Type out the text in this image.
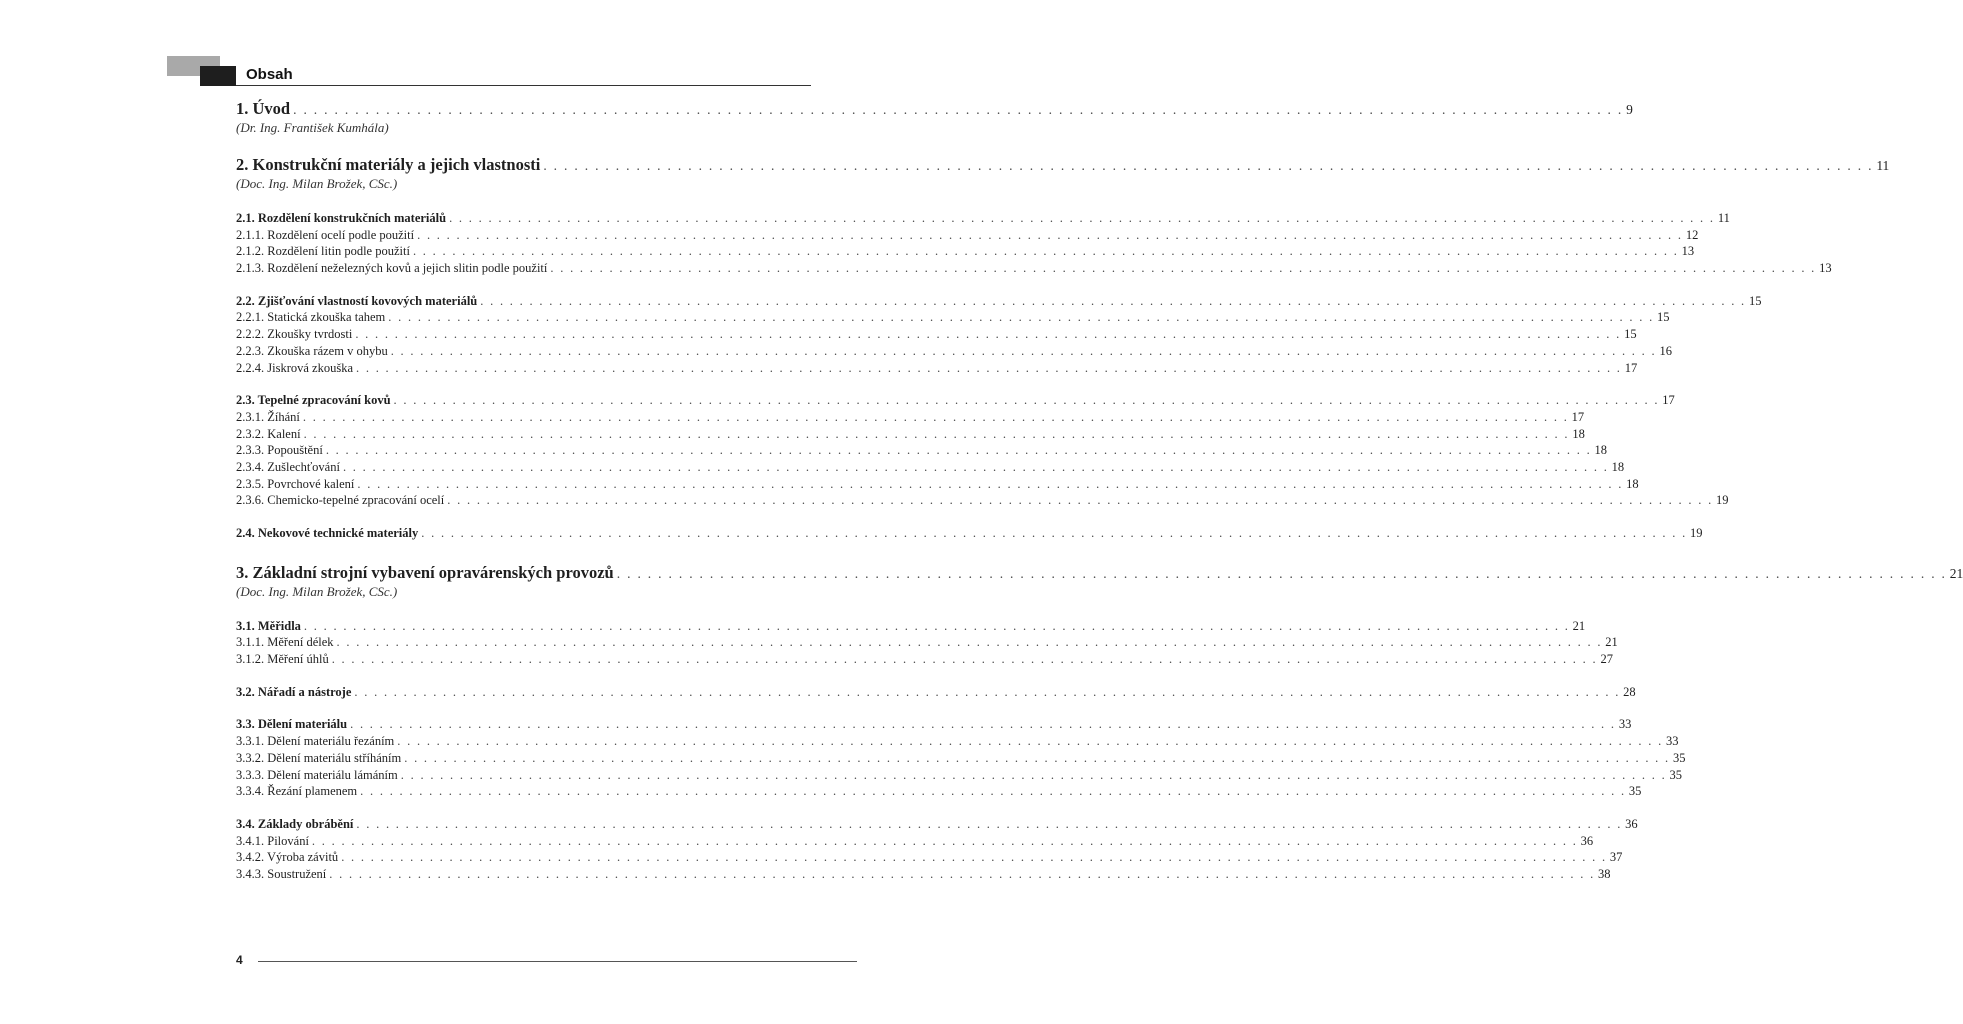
Obsah
1. Úvod . . . . . . . . . . . . . . . . . . . . . . . . . . . . . . . . . . . . . . . . . . . . . . . . . . . . . . . . . . . . . . . . . . . . . . . . . . . . . . . . . . . . . . . . . . . . . . . . . . . . . . . . . . . . . . . . . . . . . . . . . . . . . . . . . 9
(Dr. Ing. František Kumhála)
2. Konstrukční materiály a jejich vlastnosti . . . . . . . . . . . . . . . . . . . . . . . . . . . . . . . . . . . . . . . . . . . . . . . . . . . . . . . . . . . . . . . . . . . . . . . . . . . . . . . . . . . . . . . . . . . . . . . . . . . . . . . . . . . . . . . . . . . . . . . . . . . . . . . . . 11
(Doc. Ing. Milan Brožek, CSc.)
2.1. Rozdělení konstrukčních materiálů . . . . . . . . . . . . . . . . . . . . . . . . . . . . . . . . . . . . . . . . . . . . . . . . . . . . . . . . . . . . . . . . . . . . . . . . . . . . . . . . . . . . . . . . . . . . . . . . . . . . . . . . . . . . . . . . . . . . . . . . . . . . . . . . . 11
2.1.1. Rozdělení ocelí podle použití . . . . . . . . . . . . . . . . . . . . . . . . . . . . . . . . . . . . . . . . . . . . . . . . . . . . . . . . . . . . . . . . . . . . . . . . . . . . . . . . . . . . . . . . . . . . . . . . . . . . . . . . . . . . . . . . . . . . . . . . . . . . . . . . . 12
2.1.2. Rozdělení litin podle použití . . . . . . . . . . . . . . . . . . . . . . . . . . . . . . . . . . . . . . . . . . . . . . . . . . . . . . . . . . . . . . . . . . . . . . . . . . . . . . . . . . . . . . . . . . . . . . . . . . . . . . . . . . . . . . . . . . . . . . . . . . . . . . . . . 13
2.1.3. Rozdělení neželezných kovů a jejich slitin podle použití . . . . . . . . . . . . . . . . . . . . . . . . . . . . . . . . . . . . . . . . . . . . . . . . . . . . . . . . . . . . . . . . . . . . . . . . . . . . . . . . . . . . . . . . . . . . . . . . . . . . . . . . . . . . . . . . . . . . . . . . . . . . . . . . . 13
2.2. Zjišťování vlastností kovových materiálů . . . . . . . . . . . . . . . . . . . . . . . . . . . . . . . . . . . . . . . . . . . . . . . . . . . . . . . . . . . . . . . . . . . . . . . . . . . . . . . . . . . . . . . . . . . . . . . . . . . . . . . . . . . . . . . . . . . . . . . . . . . . . . . . . 15
2.2.1. Statická zkouška tahem . . . . . . . . . . . . . . . . . . . . . . . . . . . . . . . . . . . . . . . . . . . . . . . . . . . . . . . . . . . . . . . . . . . . . . . . . . . . . . . . . . . . . . . . . . . . . . . . . . . . . . . . . . . . . . . . . . . . . . . . . . . . . . . . . 15
2.2.2. Zkoušky tvrdosti . . . . . . . . . . . . . . . . . . . . . . . . . . . . . . . . . . . . . . . . . . . . . . . . . . . . . . . . . . . . . . . . . . . . . . . . . . . . . . . . . . . . . . . . . . . . . . . . . . . . . . . . . . . . . . . . . . . . . . . . . . . . . . . . . 15
2.2.3. Zkouška rázem v ohybu . . . . . . . . . . . . . . . . . . . . . . . . . . . . . . . . . . . . . . . . . . . . . . . . . . . . . . . . . . . . . . . . . . . . . . . . . . . . . . . . . . . . . . . . . . . . . . . . . . . . . . . . . . . . . . . . . . . . . . . . . . . . . . . . . 16
2.2.4. Jiskrová zkouška . . . . . . . . . . . . . . . . . . . . . . . . . . . . . . . . . . . . . . . . . . . . . . . . . . . . . . . . . . . . . . . . . . . . . . . . . . . . . . . . . . . . . . . . . . . . . . . . . . . . . . . . . . . . . . . . . . . . . . . . . . . . . . . . . 17
2.3. Tepelné zpracování kovů . . . . . . . . . . . . . . . . . . . . . . . . . . . . . . . . . . . . . . . . . . . . . . . . . . . . . . . . . . . . . . . . . . . . . . . . . . . . . . . . . . . . . . . . . . . . . . . . . . . . . . . . . . . . . . . . . . . . . . . . . . . . . . . . . 17
2.3.1. Žíhání . . . . . . . . . . . . . . . . . . . . . . . . . . . . . . . . . . . . . . . . . . . . . . . . . . . . . . . . . . . . . . . . . . . . . . . . . . . . . . . . . . . . . . . . . . . . . . . . . . . . . . . . . . . . . . . . . . . . . . . . . . . . . . . . . 17
2.3.2. Kalení . . . . . . . . . . . . . . . . . . . . . . . . . . . . . . . . . . . . . . . . . . . . . . . . . . . . . . . . . . . . . . . . . . . . . . . . . . . . . . . . . . . . . . . . . . . . . . . . . . . . . . . . . . . . . . . . . . . . . . . . . . . . . . . . . 18
2.3.3. Popouštění . . . . . . . . . . . . . . . . . . . . . . . . . . . . . . . . . . . . . . . . . . . . . . . . . . . . . . . . . . . . . . . . . . . . . . . . . . . . . . . . . . . . . . . . . . . . . . . . . . . . . . . . . . . . . . . . . . . . . . . . . . . . . . . . . 18
2.3.4. Zušlechťování . . . . . . . . . . . . . . . . . . . . . . . . . . . . . . . . . . . . . . . . . . . . . . . . . . . . . . . . . . . . . . . . . . . . . . . . . . . . . . . . . . . . . . . . . . . . . . . . . . . . . . . . . . . . . . . . . . . . . . . . . . . . . . . . . 18
2.3.5. Povrchové kalení . . . . . . . . . . . . . . . . . . . . . . . . . . . . . . . . . . . . . . . . . . . . . . . . . . . . . . . . . . . . . . . . . . . . . . . . . . . . . . . . . . . . . . . . . . . . . . . . . . . . . . . . . . . . . . . . . . . . . . . . . . . . . . . . . 18
2.3.6. Chemicko-tepelné zpracování ocelí . . . . . . . . . . . . . . . . . . . . . . . . . . . . . . . . . . . . . . . . . . . . . . . . . . . . . . . . . . . . . . . . . . . . . . . . . . . . . . . . . . . . . . . . . . . . . . . . . . . . . . . . . . . . . . . . . . . . . . . . . . . . . . . . . 19
2.4. Nekovové technické materiály . . . . . . . . . . . . . . . . . . . . . . . . . . . . . . . . . . . . . . . . . . . . . . . . . . . . . . . . . . . . . . . . . . . . . . . . . . . . . . . . . . . . . . . . . . . . . . . . . . . . . . . . . . . . . . . . . . . . . . . . . . . . . . . . . 19
3. Základní strojní vybavení opravárenských provozů . . . . . . . . . . . . . . . . . . . . . . . . . . . . . . . . . . . . . . . . . . . . . . . . . . . . . . . . . . . . . . . . . . . . . . . . . . . . . . . . . . . . . . . . . . . . . . . . . . . . . . . . . . . . . . . . . . . . . . . . . . . . . . . . . 21
(Doc. Ing. Milan Brožek, CSc.)
3.1. Měřidla . . . . . . . . . . . . . . . . . . . . . . . . . . . . . . . . . . . . . . . . . . . . . . . . . . . . . . . . . . . . . . . . . . . . . . . . . . . . . . . . . . . . . . . . . . . . . . . . . . . . . . . . . . . . . . . . . . . . . . . . . . . . . . . . . 21
3.1.1. Měření délek . . . . . . . . . . . . . . . . . . . . . . . . . . . . . . . . . . . . . . . . . . . . . . . . . . . . . . . . . . . . . . . . . . . . . . . . . . . . . . . . . . . . . . . . . . . . . . . . . . . . . . . . . . . . . . . . . . . . . . . . . . . . . . . . . 21
3.1.2. Měření úhlů . . . . . . . . . . . . . . . . . . . . . . . . . . . . . . . . . . . . . . . . . . . . . . . . . . . . . . . . . . . . . . . . . . . . . . . . . . . . . . . . . . . . . . . . . . . . . . . . . . . . . . . . . . . . . . . . . . . . . . . . . . . . . . . . . 27
3.2. Nářadí a nástroje . . . . . . . . . . . . . . . . . . . . . . . . . . . . . . . . . . . . . . . . . . . . . . . . . . . . . . . . . . . . . . . . . . . . . . . . . . . . . . . . . . . . . . . . . . . . . . . . . . . . . . . . . . . . . . . . . . . . . . . . . . . . . . . . . 28
3.3. Dělení materiálu . . . . . . . . . . . . . . . . . . . . . . . . . . . . . . . . . . . . . . . . . . . . . . . . . . . . . . . . . . . . . . . . . . . . . . . . . . . . . . . . . . . . . . . . . . . . . . . . . . . . . . . . . . . . . . . . . . . . . . . . . . . . . . . . . 33
3.3.1. Dělení materiálu řezáním . . . . . . . . . . . . . . . . . . . . . . . . . . . . . . . . . . . . . . . . . . . . . . . . . . . . . . . . . . . . . . . . . . . . . . . . . . . . . . . . . . . . . . . . . . . . . . . . . . . . . . . . . . . . . . . . . . . . . . . . . . . . . . . . . 33
3.3.2. Dělení materiálu stříháním . . . . . . . . . . . . . . . . . . . . . . . . . . . . . . . . . . . . . . . . . . . . . . . . . . . . . . . . . . . . . . . . . . . . . . . . . . . . . . . . . . . . . . . . . . . . . . . . . . . . . . . . . . . . . . . . . . . . . . . . . . . . . . . . . 35
3.3.3. Dělení materiálu lámáním . . . . . . . . . . . . . . . . . . . . . . . . . . . . . . . . . . . . . . . . . . . . . . . . . . . . . . . . . . . . . . . . . . . . . . . . . . . . . . . . . . . . . . . . . . . . . . . . . . . . . . . . . . . . . . . . . . . . . . . . . . . . . . . . . 35
3.3.4. Řezání plamenem . . . . . . . . . . . . . . . . . . . . . . . . . . . . . . . . . . . . . . . . . . . . . . . . . . . . . . . . . . . . . . . . . . . . . . . . . . . . . . . . . . . . . . . . . . . . . . . . . . . . . . . . . . . . . . . . . . . . . . . . . . . . . . . . . 35
3.4. Základy obrábění . . . . . . . . . . . . . . . . . . . . . . . . . . . . . . . . . . . . . . . . . . . . . . . . . . . . . . . . . . . . . . . . . . . . . . . . . . . . . . . . . . . . . . . . . . . . . . . . . . . . . . . . . . . . . . . . . . . . . . . . . . . . . . . . . 36
3.4.1. Pilování . . . . . . . . . . . . . . . . . . . . . . . . . . . . . . . . . . . . . . . . . . . . . . . . . . . . . . . . . . . . . . . . . . . . . . . . . . . . . . . . . . . . . . . . . . . . . . . . . . . . . . . . . . . . . . . . . . . . . . . . . . . . . . . . . 36
3.4.2. Výroba závitů . . . . . . . . . . . . . . . . . . . . . . . . . . . . . . . . . . . . . . . . . . . . . . . . . . . . . . . . . . . . . . . . . . . . . . . . . . . . . . . . . . . . . . . . . . . . . . . . . . . . . . . . . . . . . . . . . . . . . . . . . . . . . . . . . 37
3.4.3. Soustružení . . . . . . . . . . . . . . . . . . . . . . . . . . . . . . . . . . . . . . . . . . . . . . . . . . . . . . . . . . . . . . . . . . . . . . . . . . . . . . . . . . . . . . . . . . . . . . . . . . . . . . . . . . . . . . . . . . . . . . . . . . . . . . . . . 38
4
